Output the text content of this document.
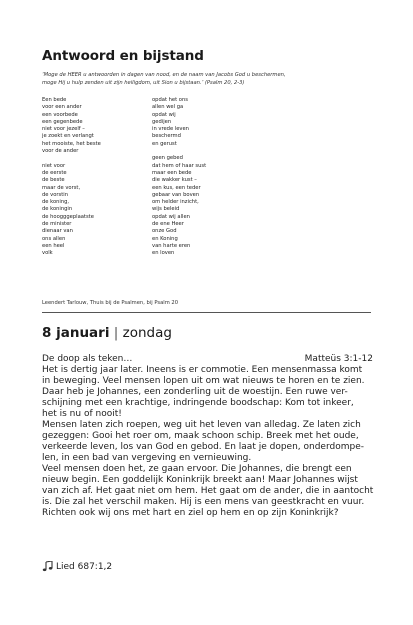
Antwoord en bijstand
‘Moge de HEER u antwoorden in dagen van nood, en de naam van Jacobs God u beschermen,
moge Hij u hulp zenden uit zijn heiligdom, uit Sion u bijstaan.’ (Psalm 20, 2-3)
Een bede
voor een ander
een voorbede
een gegenbede
niet voor jezelf –
je zoekt en verlangt
het mooiste, het beste
voor de ander
niet voor
de eerste
de beste
maar de vorst,
de vorstin
de koning,
de koningin
de hoogggeplaatste
de minister
dienaar van
ons allen
een heel
volk
opdat het ons
allen wel ga
opdat wij
gedijen
in vrede leven
beschermd
en gerust
geen gebed
dat hem of haar sust
maar een bede
die wakker kust –
een kus, een teder
gebaar van boven
om helder inzicht,
wijs beleid
opdat wij allen
de ene Heer
onze God
en Koning
van harte eren
en loven
Leendert Tarlouw, Thuis bij de Psalmen, bij Psalm 20
8 januari | zondag
De doop als teken…	Matteüs 3:1-12
Het is dertig jaar later. Ineens is er commotie. Een mensenmassa komt
in beweging. Veel mensen lopen uit om wat nieuws te horen en te zien.
Daar heb je Johannes, een zonderling uit de woestijn. Een ruwe ver-
schijning met een krachtige, indringende boodschap: Kom tot inkeer,
het is nu of nooit!
Mensen laten zich roepen, weg uit het leven van alledag. Ze laten zich
gezeggen: Gooi het roer om, maak schoon schip. Breek met het oude,
verkeerde leven, los van God en gebod. En laat je dopen, onderdompe-
len, in een bad van vergeving en vernieuwing.
Veel mensen doen het, ze gaan ervoor. Die Johannes, die brengt een
nieuw begin. Een goddelijk Koninkrijk breekt aan! Maar Johannes wijst
van zich af. Het gaat niet om hem. Het gaat om de ander, die in aantocht
is. Die zal het verschil maken. Hij is een mens van geestkracht en vuur.
Richten ook wij ons met hart en ziel op hem en op zijn Koninkrijk?
Lied 687:1,2
